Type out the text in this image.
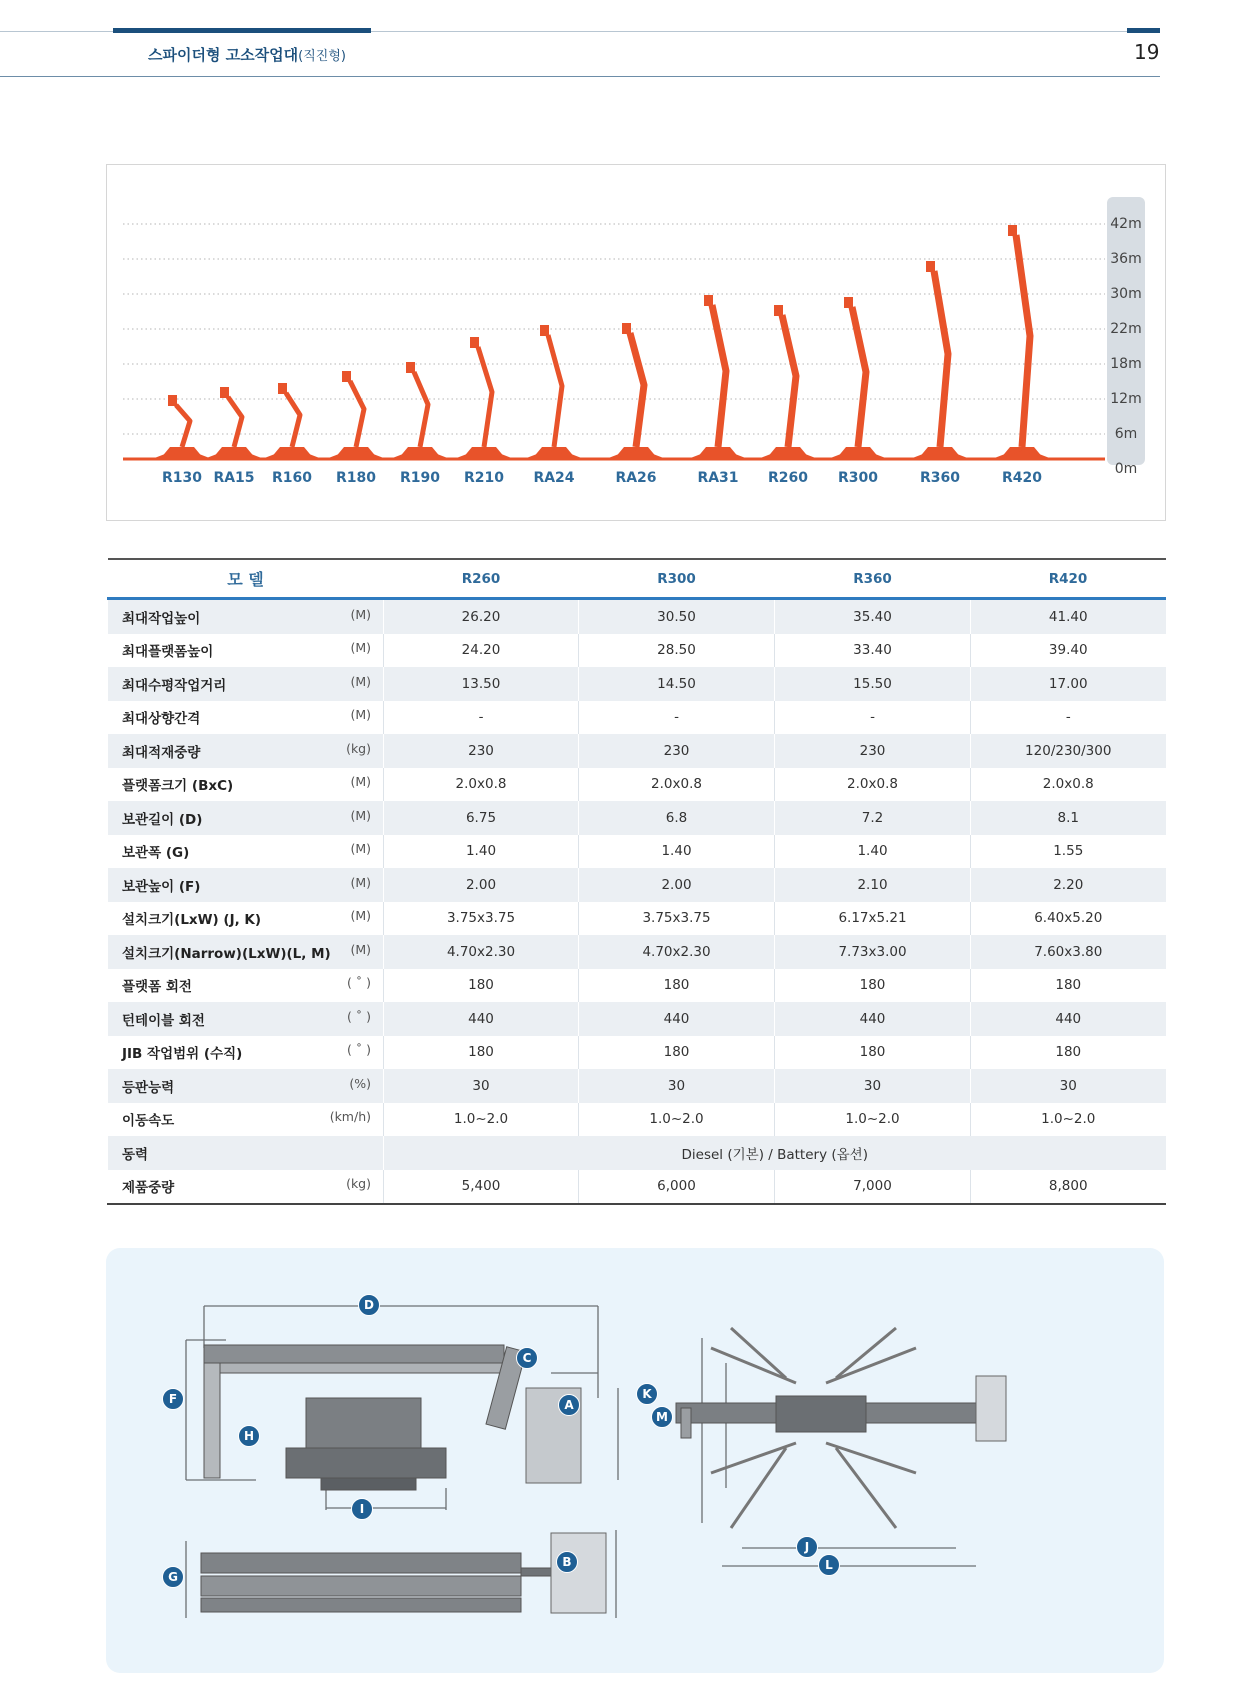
스파이더형 고소작업대(직진형)	19
42m
36m
30m
22m
18m
12m
6m
0m
R130 RA15 R160 R180 R190 R210 RA24	RA26	RA31 R260 R300	R360	R420
모 델	R260	R300	R360	R420
최대작업높이 (M)	26.20	30.50	35.40	41.40
최대플랫폼높이 (M)	24.20	28.50	33.40	39.40
최대수평작업거리 (M)	13.50	14.50	15.50	17.00
최대상향간격 (M)	-	-	-	-
최대적재중량 (kg)	230	230	230	120/230/300
플랫폼크기 (BxC) (M)	2.0x0.8	2.0x0.8	2.0x0.8	2.0x0.8
보관길이 (D) (M)	6.75	6.8	7.2	8.1
보관폭 (G) (M)	1.40	1.40	1.40	1.55
보관높이 (F) (M)	2.00	2.00	2.10	2.20
설치크기(LxW) (J, K) (M)	3.75x3.75	3.75x3.75	6.17x5.21	6.40x5.20
설치크기(Narrow)(LxW)(L, M) (M)	4.70x2.30	4.70x2.30	7.73x3.00	7.60x3.80
플랫폼 회전 ( ˚ )	180	180	180	180
턴테이블 회전 ( ˚ )	440	440	440	440
JIB 작업범위 (수직) ( ˚ )	180	180	180	180
등판능력 (%)	30	30	30	30
이동속도 (km/h)	1.0~2.0	1.0~2.0	1.0~2.0	1.0~2.0
동력	Diesel (기본) / Battery (옵션)			
제품중량 (kg)	5,400	6,000	7,000	8,800
D
C
F	A
H
I
G
B
K
M
J
L
